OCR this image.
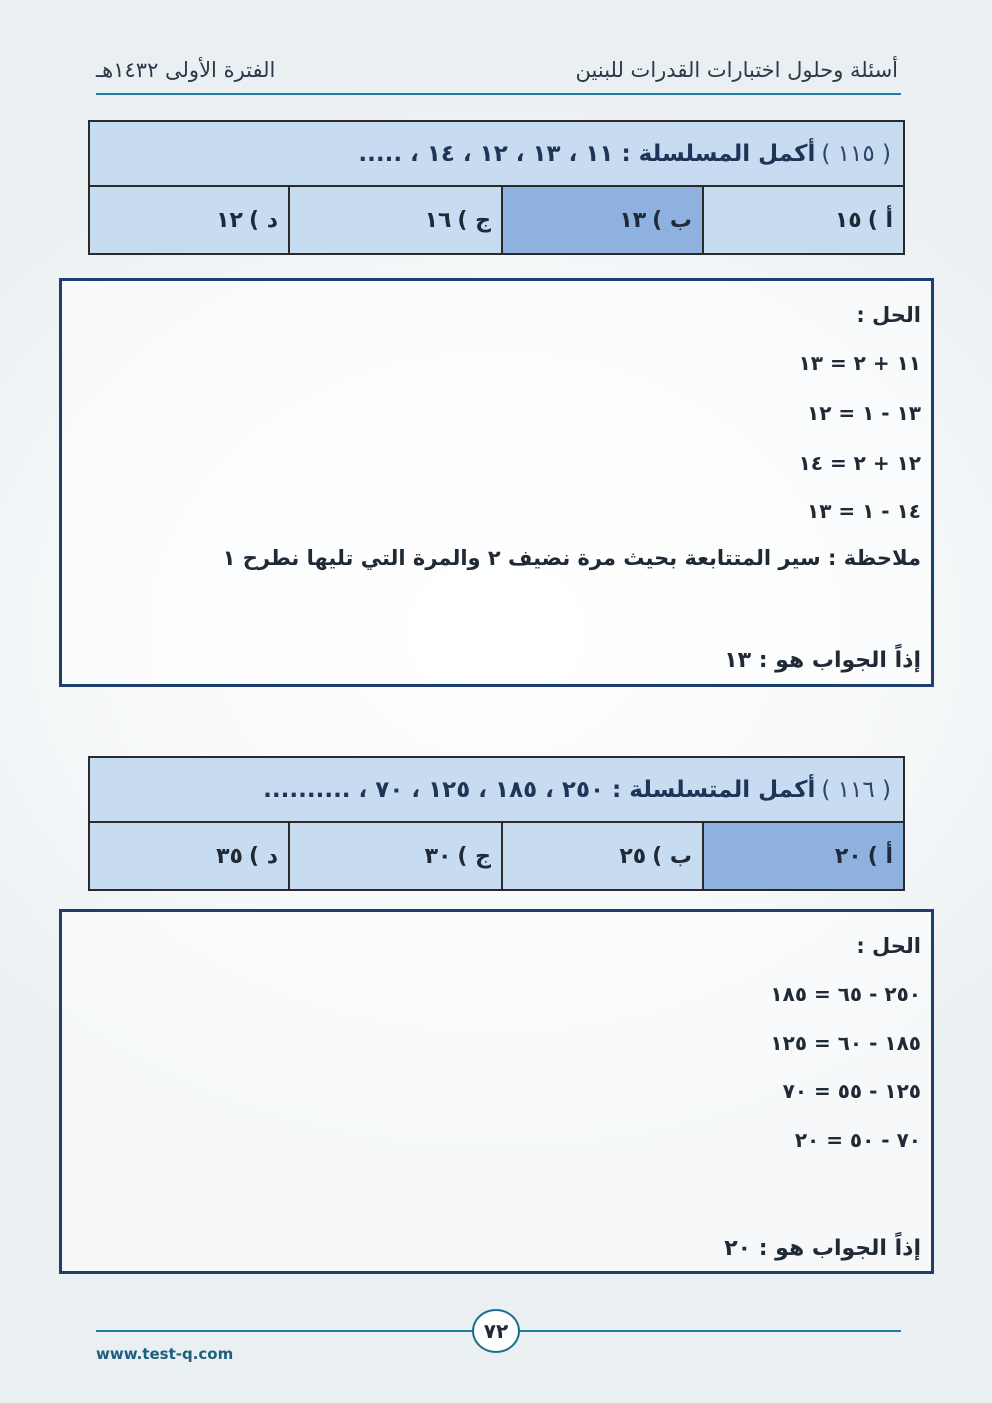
أسئلة وحلول اختبارات القدرات للبنين
الفترة الأولى ١٤٣٢هـ
( ١١٥ )
أكمل المسلسلة : ١١ ، ١٣ ، ١٢ ، ١٤ ، .....
أ )
١٥
ب )
١٣
ج )
١٦
د )
١٢
الحل :
١١ + ٢ = ١٣
١٣ - ١ = ١٢
١٢ + ٢ = ١٤
١٤ - ١ = ١٣
ملاحظة : سير المتتابعة بحيث مرة نضيف ٢ والمرة التي تليها نطرح ١
إذاً الجواب هو : ١٣
( ١١٦ )
أكمل المتسلسلة : ٢٥٠ ، ١٨٥ ، ١٢٥ ، ٧٠ ، ..........
أ )
٢٠
ب )
٢٥
ج )
٣٠
د )
٣٥
الحل :
٢٥٠ - ٦٥ = ١٨٥
١٨٥ - ٦٠ = ١٢٥
١٢٥ - ٥٥ = ٧٠
٧٠ - ٥٠ = ٢٠
إذاً الجواب هو : ٢٠
٧٢
www.test-q.com
